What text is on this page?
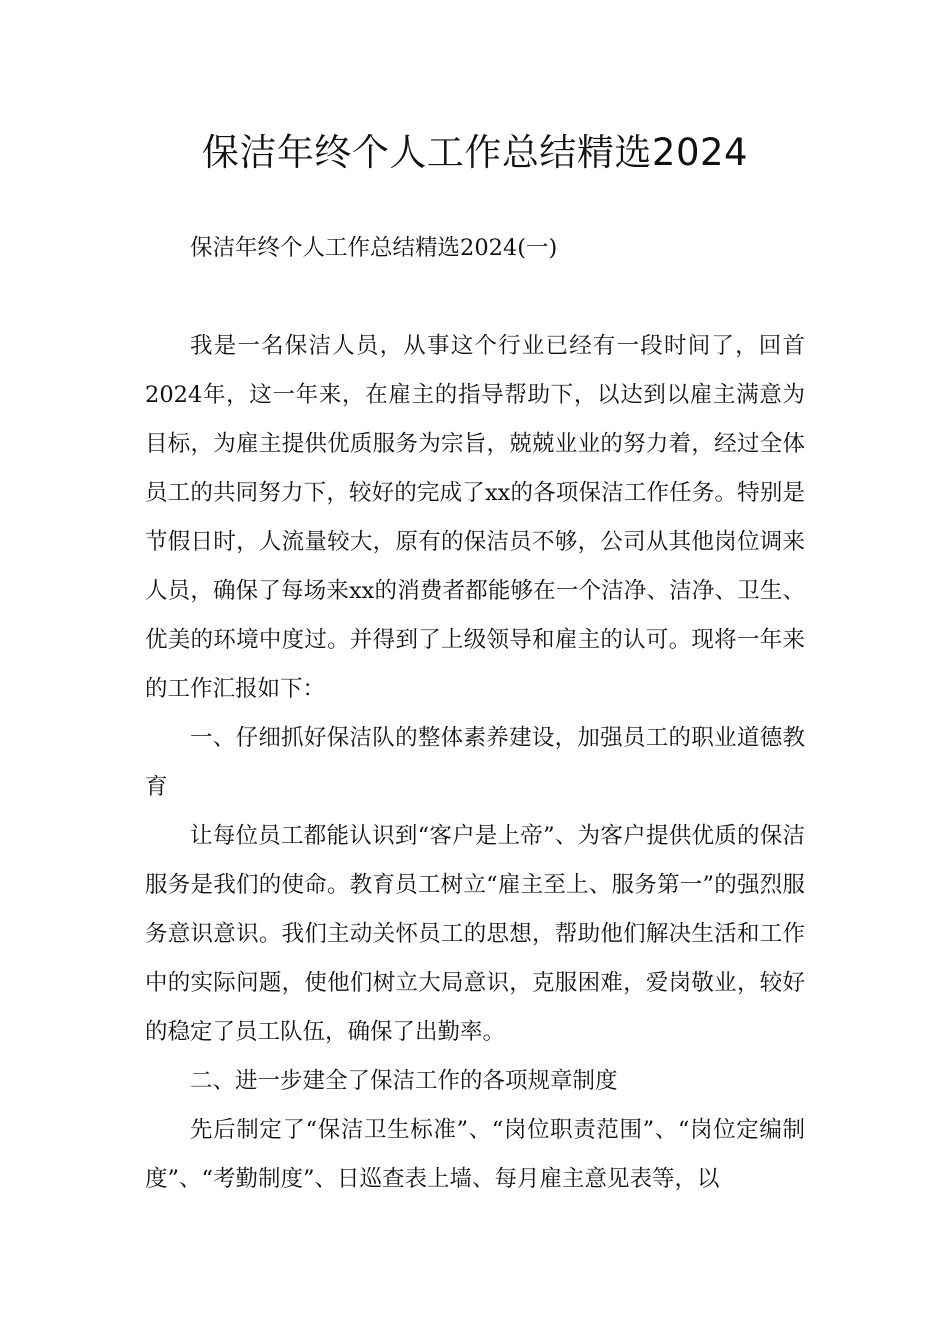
保洁年终个人工作总结精选2024

保洁年终个人工作总结精选2024(一)

我是一名保洁人员，从事这个行业已经有一段时间了，回首2024年，这一年来，在雇主的指导帮助下，以达到以雇主满意为目标，为雇主提供优质服务为宗旨，兢兢业业的努力着，经过全体员工的共同努力下，较好的完成了xx的各项保洁工作任务。特别是节假日时，人流量较大，原有的保洁员不够，公司从其他岗位调来人员，确保了每场来xx的消费者都能够在一个洁净、洁净、卫生、优美的环境中度过。并得到了上级领导和雇主的认可。现将一年来的工作汇报如下：

一、仔细抓好保洁队的整体素养建设，加强员工的职业道德教育

让每位员工都能认识到“客户是上帝”、为客户提供优质的保洁服务是我们的使命。教育员工树立“雇主至上、服务第一”的强烈服务意识意识。我们主动关怀员工的思想，帮助他们解决生活和工作中的实际问题，使他们树立大局意识，克服困难，爱岗敬业，较好的稳定了员工队伍，确保了出勤率。

二、进一步建全了保洁工作的各项规章制度

先后制定了“保洁卫生标准”、“岗位职责范围”、“岗位定编制度”、“考勤制度”、日巡查表上墙、每月雇主意见表等，以
